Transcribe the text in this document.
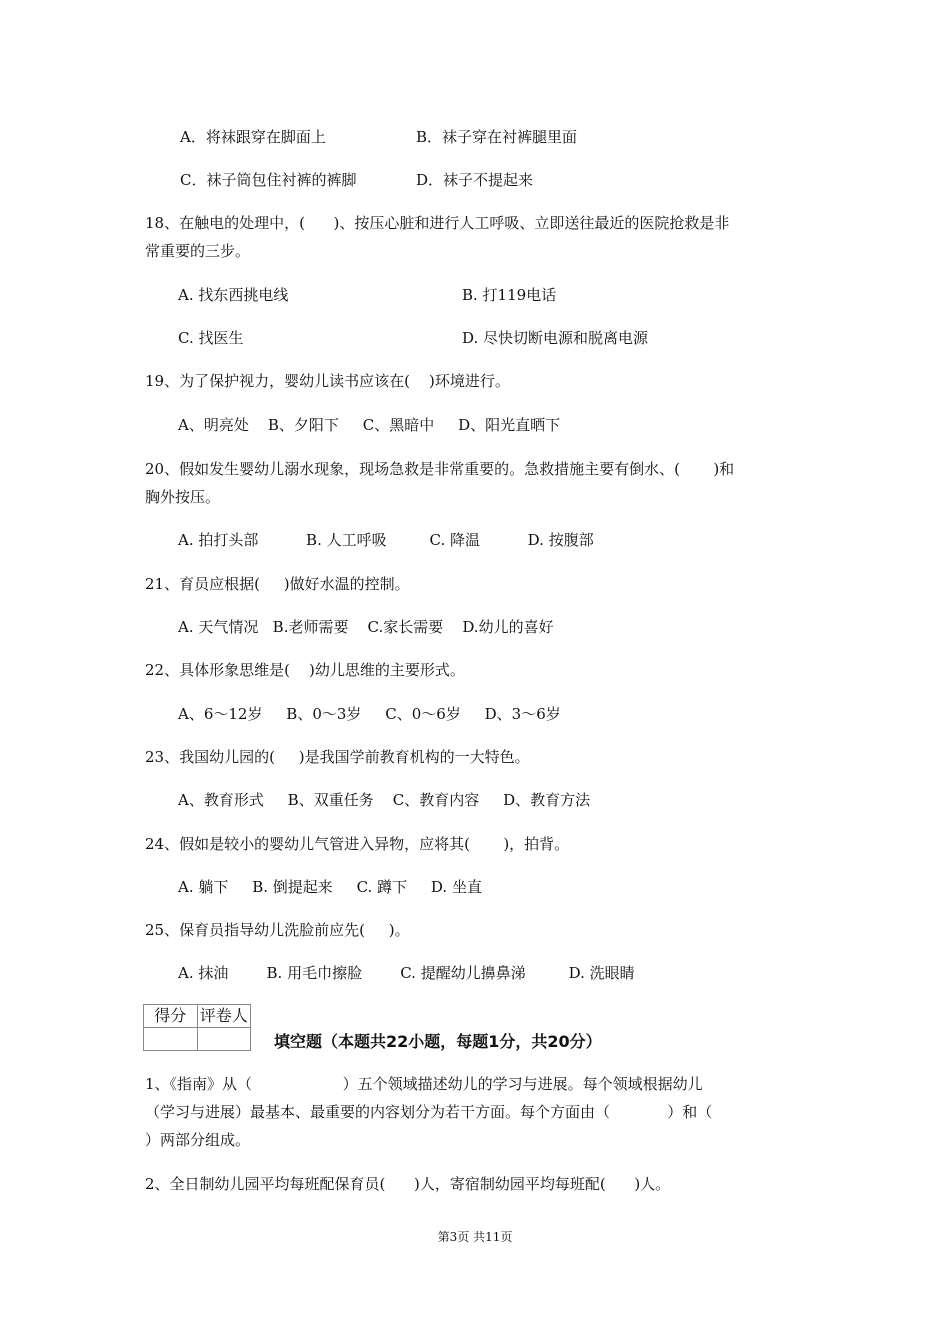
A．将袜跟穿在脚面上	B．袜子穿在衬裤腿里面
C．袜子筒包住衬裤的裤脚	D．袜子不提起来
18、在触电的处理中，(      )、按压心脏和进行人工呼吸、立即送往最近的医院抢救是非
常重要的三步。
A. 找东西挑电线	B. 打119电话
C. 找医生	D. 尽快切断电源和脱离电源
19、为了保护视力，婴幼儿读书应该在(    )环境进行。
A、明亮处    B、夕阳下     C、黑暗中     D、阳光直晒下
20、假如发生婴幼儿溺水现象，现场急救是非常重要的。急救措施主要有倒水、(       )和
胸外按压。
A. 拍打头部          B. 人工呼吸         C. 降温          D. 按腹部
21、育员应根据(     )做好水温的控制。
A. 天气情况   B.老师需要    C.家长需要    D.幼儿的喜好
22、具体形象思维是(    )幼儿思维的主要形式。
A、6～12岁     B、0～3岁     C、0～6岁     D、3～6岁
23、我国幼儿园的(     )是我国学前教育机构的一大特色。
A、教育形式     B、双重任务    C、教育内容     D、教育方法
24、假如是较小的婴幼儿气管进入异物，应将其(       )，拍背。
A. 躺下     B. 倒提起来     C. 蹲下     D. 坐直
25、保育员指导幼儿洗脸前应先(     )。
A. 抹油        B. 用毛巾擦脸        C. 提醒幼儿擤鼻涕         D. 洗眼睛
得分	评卷人

填空题（本题共22小题，每题1分，共20分）
1、《指南》从（                   ）五个领域描述幼儿的学习与进展。每个领域根据幼儿
（学习与进展）最基本、最重要的内容划分为若干方面。每个方面由（            ）和（
）两部分组成。
2、全日制幼儿园平均每班配保育员(      )人，寄宿制幼园平均每班配(      )人。
第3页 共11页
